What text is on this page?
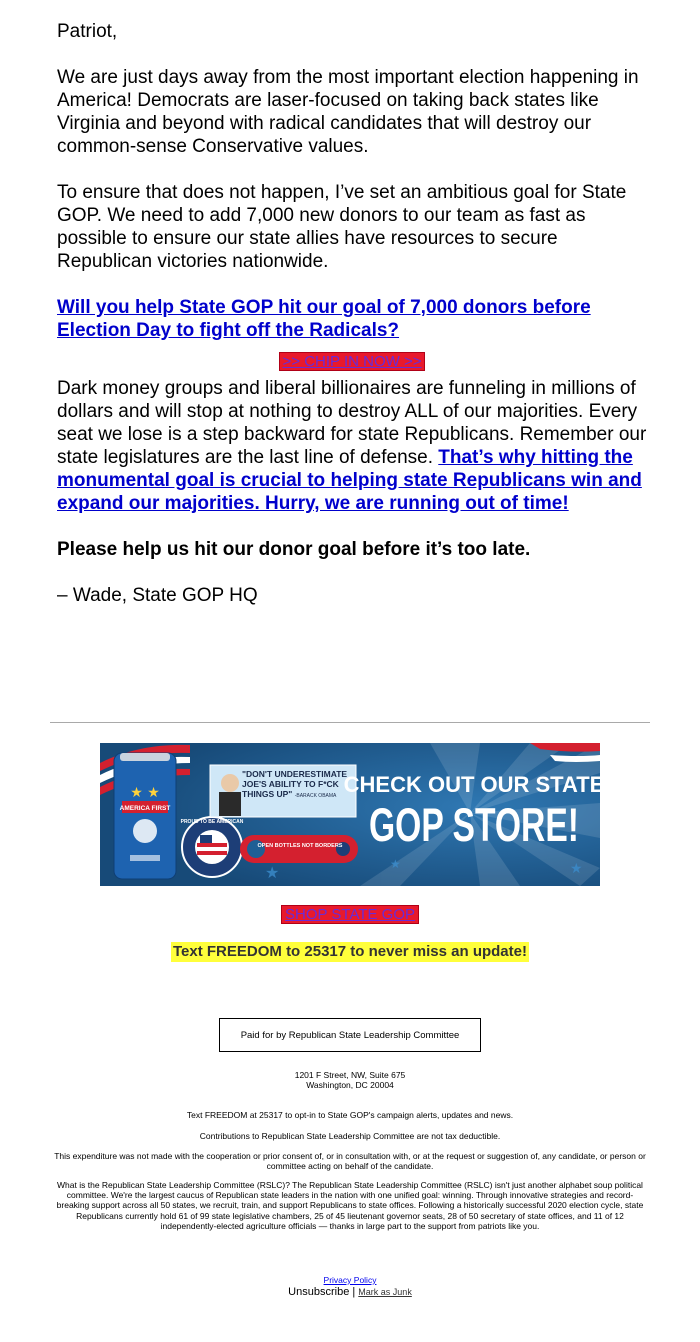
Patriot,

We are just days away from the most important election happening in America! Democrats are laser-focused on taking back states like Virginia and beyond with radical candidates that will destroy our common-sense Conservative values.

To ensure that does not happen, I’ve set an ambitious goal for State GOP. We need to add 7,000 new donors to our team as fast as possible to ensure our state allies have resources to secure Republican victories nationwide.

Will you help State GOP hit our goal of 7,000 donors before Election Day to fight off the Radicals?

>> CHIP IN NOW >>

Dark money groups and liberal billionaires are funneling in millions of dollars and will stop at nothing to destroy ALL of our majorities. Every seat we lose is a step backward for state Republicans. Remember our state legislatures are the last line of defense. That’s why hitting the monumental goal is crucial to helping state Republicans win and expand our majorities. Hurry, we are running out of time!

Please help us hit our donor goal before it’s too late.

– Wade, State GOP HQ

★	★	★
AMERICA FIRST
★ ★
PROUD TO BE AMERICAN
"DON'T UNDERESTIMATE JOE'S ABILITY TO F*CK THINGS UP" -BARACK OBAMA
OPEN BOTTLES NOT BORDERS
CHECK OUT OUR STATE
GOP STORE!
SHOP STATE GOP
Text FREEDOM to 25317 to never miss an update!
Paid for by Republican State Leadership Committee
1201 F Street, NW, Suite 675
Washington, DC 20004
Text FREEDOM at 25317 to opt-in to State GOP's campaign alerts, updates and news.
Contributions to Republican State Leadership Committee are not tax deductible.
This expenditure was not made with the cooperation or prior consent of, or in consultation with, or at the request or suggestion of, any candidate, or person or committee acting on behalf of the candidate.
What is the Republican State Leadership Committee (RSLC)? The Republican State Leadership Committee (RSLC) isn't just another alphabet soup political committee. We're the largest caucus of Republican state leaders in the nation with one unified goal: winning. Through innovative strategies and record-breaking support across all 50 states, we recruit, train, and support Republicans to state offices. Following a historically successful 2020 election cycle, state Republicans currently hold 61 of 99 state legislative chambers, 25 of 45 lieutenant governor seats, 28 of 50 secretary of state offices, and 11 of 12 independently-elected agriculture officials — thanks in large part to the support from patriots like you.
Privacy Policy
Unsubscribe | Mark as Junk
